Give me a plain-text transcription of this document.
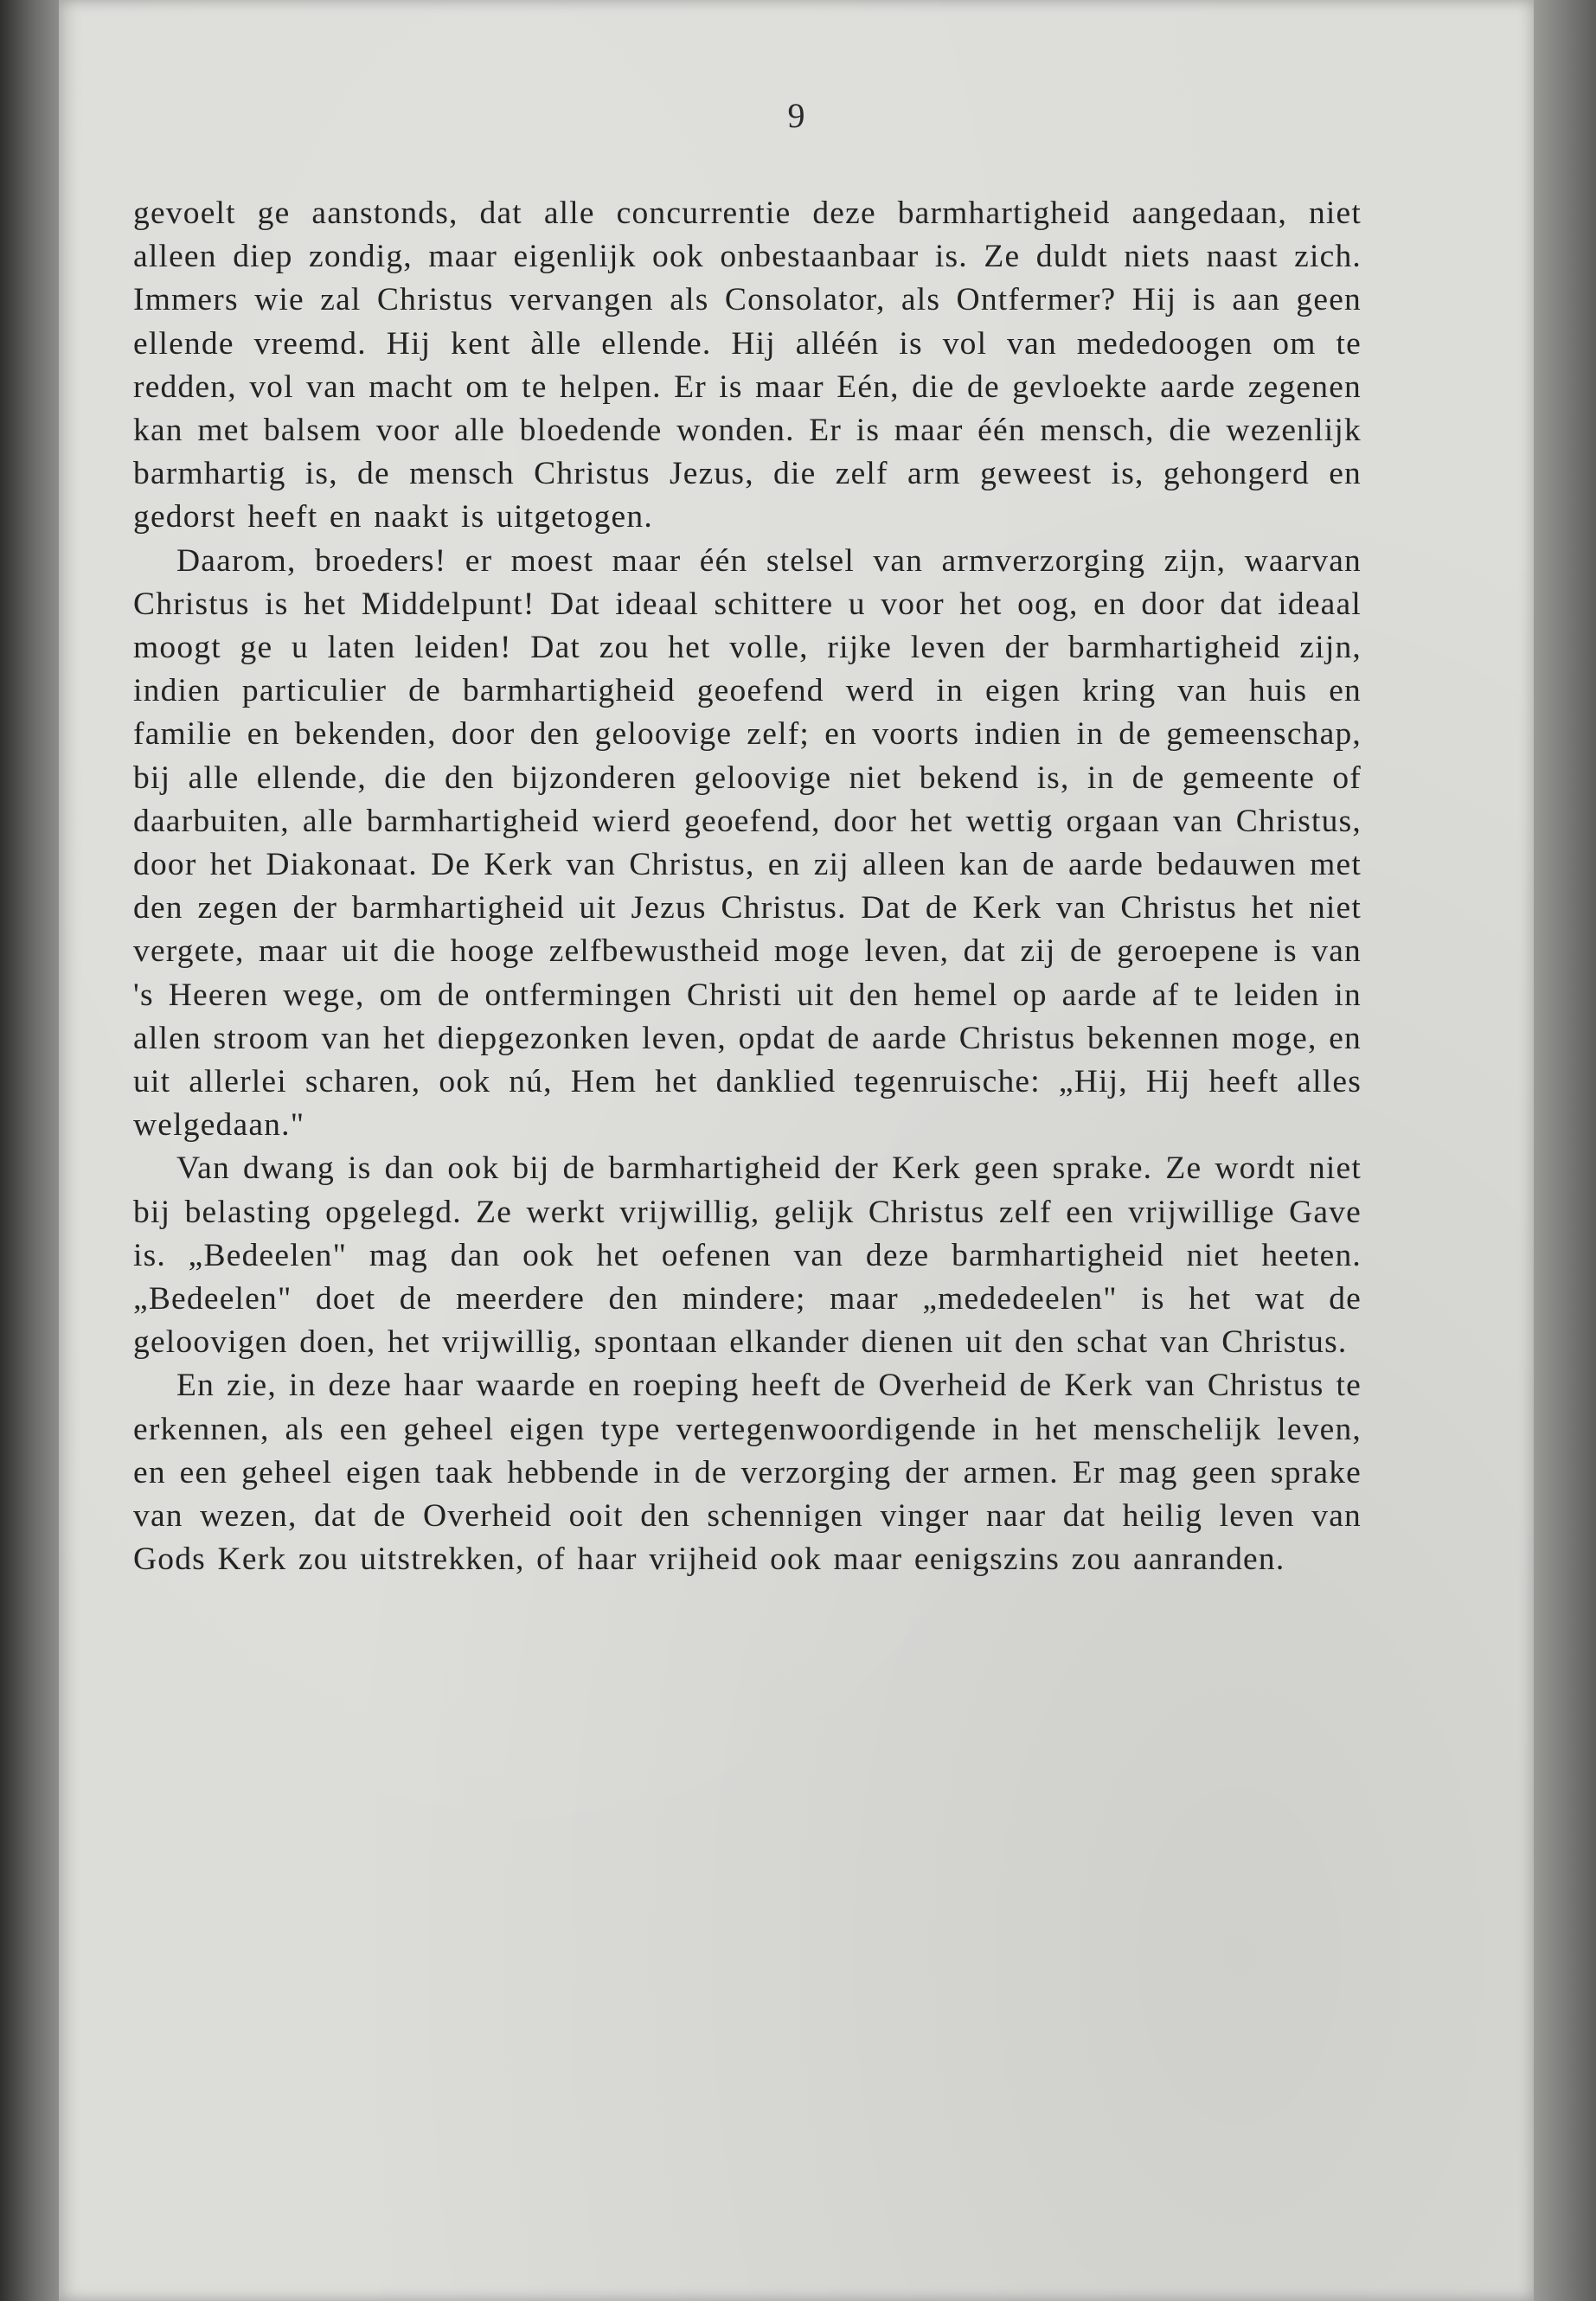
9

gevoelt ge aanstonds, dat alle concurrentie deze barmhartigheid aangedaan, niet alleen diep zondig, maar eigenlijk ook onbestaanbaar is. Ze duldt niets naast zich. Immers wie zal Christus vervangen als Consolator, als Ontfermer? Hij is aan geen ellende vreemd. Hij kent àlle ellende. Hij alléén is vol van mededoogen om te redden, vol van macht om te helpen. Er is maar Eén, die de gevloekte aarde zegenen kan met balsem voor alle bloedende wonden. Er is maar één mensch, die wezenlijk barmhartig is, de mensch Christus Jezus, die zelf arm geweest is, gehongerd en gedorst heeft en naakt is uitgetogen.

Daarom, broeders! er moest maar één stelsel van armverzorging zijn, waarvan Christus is het Middelpunt! Dat ideaal schittere u voor het oog, en door dat ideaal moogt ge u laten leiden! Dat zou het volle, rijke leven der barmhartigheid zijn, indien particulier de barmhartigheid geoefend werd in eigen kring van huis en familie en bekenden, door den geloovige zelf; en voorts indien in de gemeenschap, bij alle ellende, die den bijzonderen geloovige niet bekend is, in de gemeente of daarbuiten, alle barmhartigheid wierd geoefend, door het wettig orgaan van Christus, door het Diakonaat. De Kerk van Christus, en zij alleen kan de aarde bedauwen met den zegen der barmhartigheid uit Jezus Christus. Dat de Kerk van Christus het niet vergete, maar uit die hooge zelfbewustheid moge leven, dat zij de geroepene is van 's Heeren wege, om de ontfermingen Christi uit den hemel op aarde af te leiden in allen stroom van het diepgezonken leven, opdat de aarde Christus bekennen moge, en uit allerlei scharen, ook nú, Hem het danklied tegenruische: „Hij, Hij heeft alles welgedaan."

Van dwang is dan ook bij de barmhartigheid der Kerk geen sprake. Ze wordt niet bij belasting opgelegd. Ze werkt vrijwillig, gelijk Christus zelf een vrijwillige Gave is. „Bedeelen" mag dan ook het oefenen van deze barmhartigheid niet heeten. „Bedeelen" doet de meerdere den mindere; maar „mededeelen" is het wat de geloovigen doen, het vrijwillig, spontaan elkander dienen uit den schat van Christus.

En zie, in deze haar waarde en roeping heeft de Overheid de Kerk van Christus te erkennen, als een geheel eigen type vertegenwoordigende in het menschelijk leven, en een geheel eigen taak hebbende in de verzorging der armen. Er mag geen sprake van wezen, dat de Overheid ooit den schennigen vinger naar dat heilig leven van Gods Kerk zou uitstrekken, of haar vrijheid ook maar eenigszins zou aanranden.
